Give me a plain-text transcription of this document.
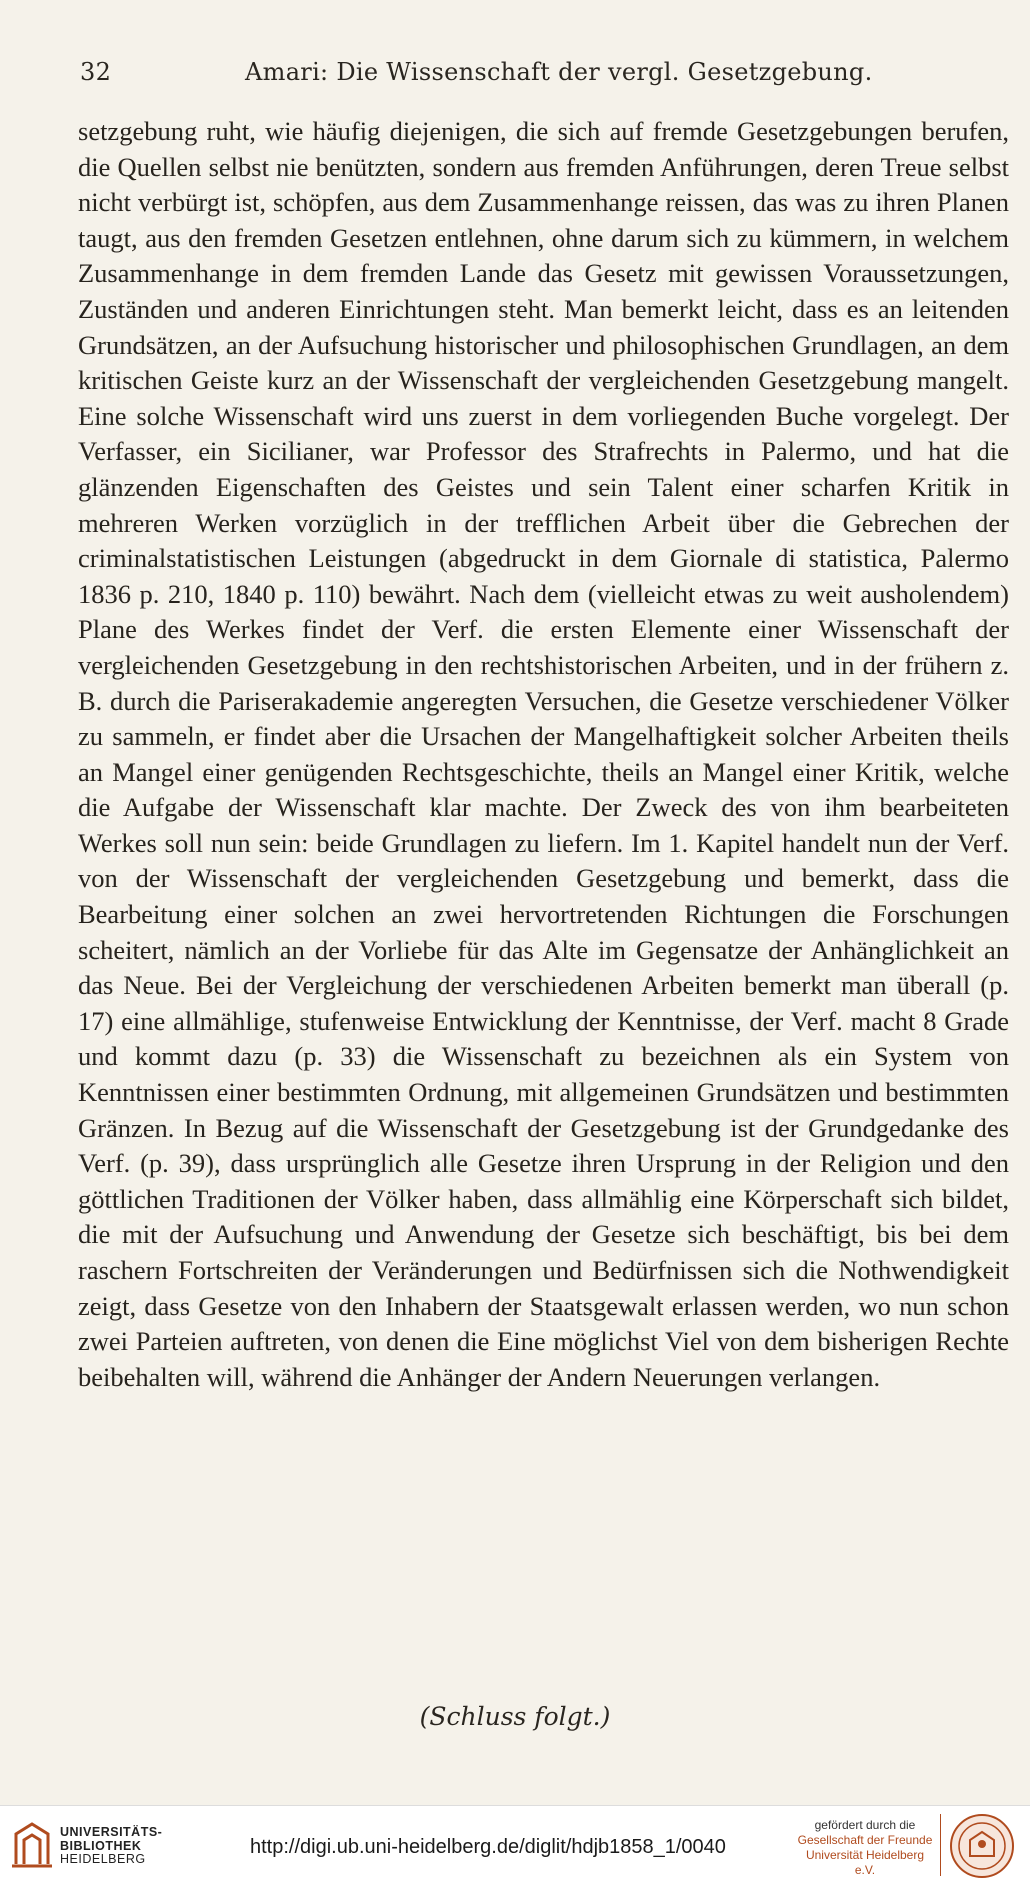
32	Amari: Die Wissenschaft der vergl. Gesetzgebung.

setzgebung ruht, wie häufig diejenigen, die sich auf fremde Gesetzgebungen berufen, die Quellen selbst nie benützten, sondern aus fremden Anführungen, deren Treue selbst nicht verbürgt ist, schöpfen, aus dem Zusammenhange reissen, das was zu ihren Planen taugt, aus den fremden Gesetzen entlehnen, ohne darum sich zu kümmern, in welchem Zusammenhange in dem fremden Lande das Gesetz mit gewissen Voraussetzungen, Zuständen und anderen Einrichtungen steht. Man bemerkt leicht, dass es an leitenden Grundsätzen, an der Aufsuchung historischer und philosophischen Grundlagen, an dem kritischen Geiste kurz an der Wissenschaft der vergleichenden Gesetzgebung mangelt. Eine solche Wissenschaft wird uns zuerst in dem vorliegenden Buche vorgelegt. Der Verfasser, ein Sicilianer, war Professor des Strafrechts in Palermo, und hat die glänzenden Eigenschaften des Geistes und sein Talent einer scharfen Kritik in mehreren Werken vorzüglich in der trefflichen Arbeit über die Gebrechen der criminalstatistischen Leistungen (abgedruckt in dem Giornale di statistica, Palermo 1836 p. 210, 1840 p. 110) bewährt. Nach dem (vielleicht etwas zu weit ausholendem) Plane des Werkes findet der Verf. die ersten Elemente einer Wissenschaft der vergleichenden Gesetzgebung in den rechtshistorischen Arbeiten, und in der frühern z. B. durch die Pariserakademie angeregten Versuchen, die Gesetze verschiedener Völker zu sammeln, er findet aber die Ursachen der Mangelhaftigkeit solcher Arbeiten theils an Mangel einer genügenden Rechtsgeschichte, theils an Mangel einer Kritik, welche die Aufgabe der Wissenschaft klar machte. Der Zweck des von ihm bearbeiteten Werkes soll nun sein: beide Grundlagen zu liefern. Im 1. Kapitel handelt nun der Verf. von der Wissenschaft der vergleichenden Gesetzgebung und bemerkt, dass die Bearbeitung einer solchen an zwei hervortretenden Richtungen die Forschungen scheitert, nämlich an der Vorliebe für das Alte im Gegensatze der Anhänglichkeit an das Neue. Bei der Vergleichung der verschiedenen Arbeiten bemerkt man überall (p. 17) eine allmählige, stufenweise Entwicklung der Kenntnisse, der Verf. macht 8 Grade und kommt dazu (p. 33) die Wissenschaft zu bezeichnen als ein System von Kenntnissen einer bestimmten Ordnung, mit allgemeinen Grundsätzen und bestimmten Gränzen. In Bezug auf die Wissenschaft der Gesetzgebung ist der Grundgedanke des Verf. (p. 39), dass ursprünglich alle Gesetze ihren Ursprung in der Religion und den göttlichen Traditionen der Völker haben, dass allmählig eine Körperschaft sich bildet, die mit der Aufsuchung und Anwendung der Gesetze sich beschäftigt, bis bei dem raschern Fortschreiten der Veränderungen und Bedürfnissen sich die Nothwendigkeit zeigt, dass Gesetze von den Inhabern der Staatsgewalt erlassen werden, wo nun schon zwei Parteien auftreten, von denen die Eine möglichst Viel von dem bisherigen Rechte beibehalten will, während die Anhänger der Andern Neuerungen verlangen.

(Schluss folgt.)
UNIVERSITÄTS-
BIBLIOTHEK
HEIDELBERG
http://digi.ub.uni-heidelberg.de/diglit/hdjb1858_1/0040
gefördert durch die
Gesellschaft der Freunde
Universität Heidelberg e.V.
